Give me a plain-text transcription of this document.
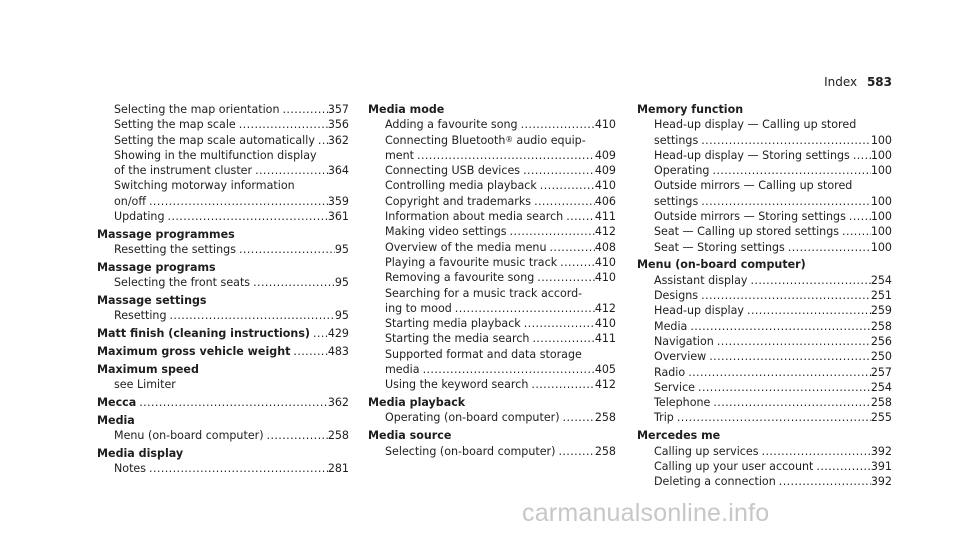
Index 583
Selecting the map orientation .....	357
Setting the map scale .....	356
Setting the map scale automatically ..... 362
Showing in the multifunction display
of the instrument cluster .....	364
Switching motorway information
on/off .....	359
Updating .....	361
Massage programmes
Resetting the settings .....	95
Massage programs
Selecting the front seats .....	95
Massage settings
Resetting .....	95
Matt finish (cleaning instructions) ..... 429
Maximum gross vehicle weight .....	483
Maximum speed
see Limiter
Mecca .....	362
Media
Menu (on-board computer) .....	258
Media display
Notes .....	281
Media mode
Adding a favourite song .....	410
Connecting Bluetooth® audio equip-
ment .....	409
Connecting USB devices .....	409
Controlling media playback .....	410
Copyright and trademarks .....	406
Information about media search .....	411
Making video settings .....	412
Overview of the media menu .....	408
Playing a favourite music track .....	410
Removing a favourite song .....	410
Searching for a music track accord-
ing to mood .....	412
Starting media playback .....	410
Starting the media search .....	411
Supported format and data storage
media .....	405
Using the keyword search .....	412
Media playback
Operating (on-board computer) .....	258
Media source
Selecting (on-board computer) .....	258
Memory function
Head-up display — Calling up stored
settings .....	100
Head-up display — Storing settings ..... 100
Operating .....	100
Outside mirrors — Calling up stored
settings .....	100
Outside mirrors — Storing settings ..... 100
Seat — Calling up stored settings .....	100
Seat — Storing settings .....	100
Menu (on-board computer)
Assistant display .....	254
Designs .....	251
Head-up display .....	259
Media .....	258
Navigation .....	256
Overview .....	250
Radio .....	257
Service .....	254
Telephone .....	258
Trip .....	255
Mercedes me
Calling up services .....	392
Calling up your user account .....	391
Deleting a connection .....	392
carmanualsonline.info
